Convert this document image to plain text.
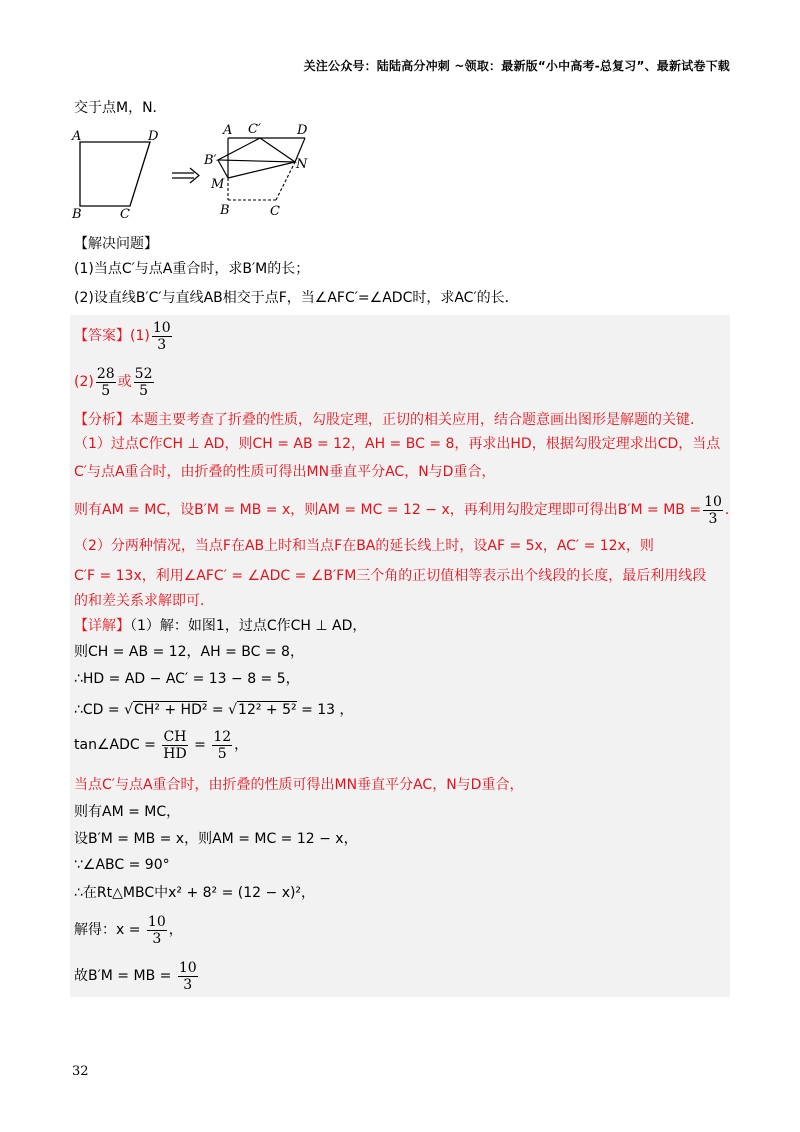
关注公众号：陆陆高分冲刺 ~领取：最新版“小中高考-总复习”、最新试卷下载
交于点M，N．
A	D
B	C
A C′	D
B′	N
M
B	C
【解决问题】
(1)当点C′与点A重合时，求B′M的长；
(2)设直线B′C′与直线AB相交于点F，当∠AFC′=∠ADC时，求AC′的长．
【答案】$(1) \frac{10}{3}$
$(2) \frac{28}{5}$ 或 $\frac{52}{5}$
【分析】本题主要考查了折叠的性质，勾股定理，正切的相关应用，结合题意画出图形是解题的关键．
（1）过点C作CH ⊥ AD，则CH = AB = 12，AH = BC = 8，再求出HD，根据勾股定理求出CD，当点
C′与点A重合时，由折叠的性质可得出MN垂直平分AC，N与D重合，
则有AM = MC，设B′M = MB = x，则AM = MC = 12 − x，再利用勾股定理即可得出B′M = MB = $\frac{10}{3}$ ．
（2）分两种情况，当点F在AB上时和当点F在BA的延长线上时，设AF = 5x，AC′ = 12x，则
C′F = 13x，利用∠AFC′ = ∠ADC = ∠B′FM三个角的正切值相等表示出个线段的长度，最后利用线段
的和差关系求解即可．
【详解】（1）解：如图1，过点C作CH ⊥ AD，
则CH = AB = 12，AH = BC = 8，
∴HD = AD − AC′ = 13 − 8 = 5，
∴CD = √CH² + HD² = √12² + 5² = 13 ，
tan∠ADC = $\frac{CH}{HD} = \frac{12}{5}$ ，
当点C′与点A重合时，由折叠的性质可得出MN垂直平分AC，N与D重合，
则有AM = MC，
设B′M = MB = x，则AM = MC = 12 − x，
∵∠ABC = 90°
∴在Rt△MBC中x² + 8² = (12 − x)²，
解得：$x = \frac{10}{3}$ ，
故B′M = MB = $\frac{10}{3}$
32
